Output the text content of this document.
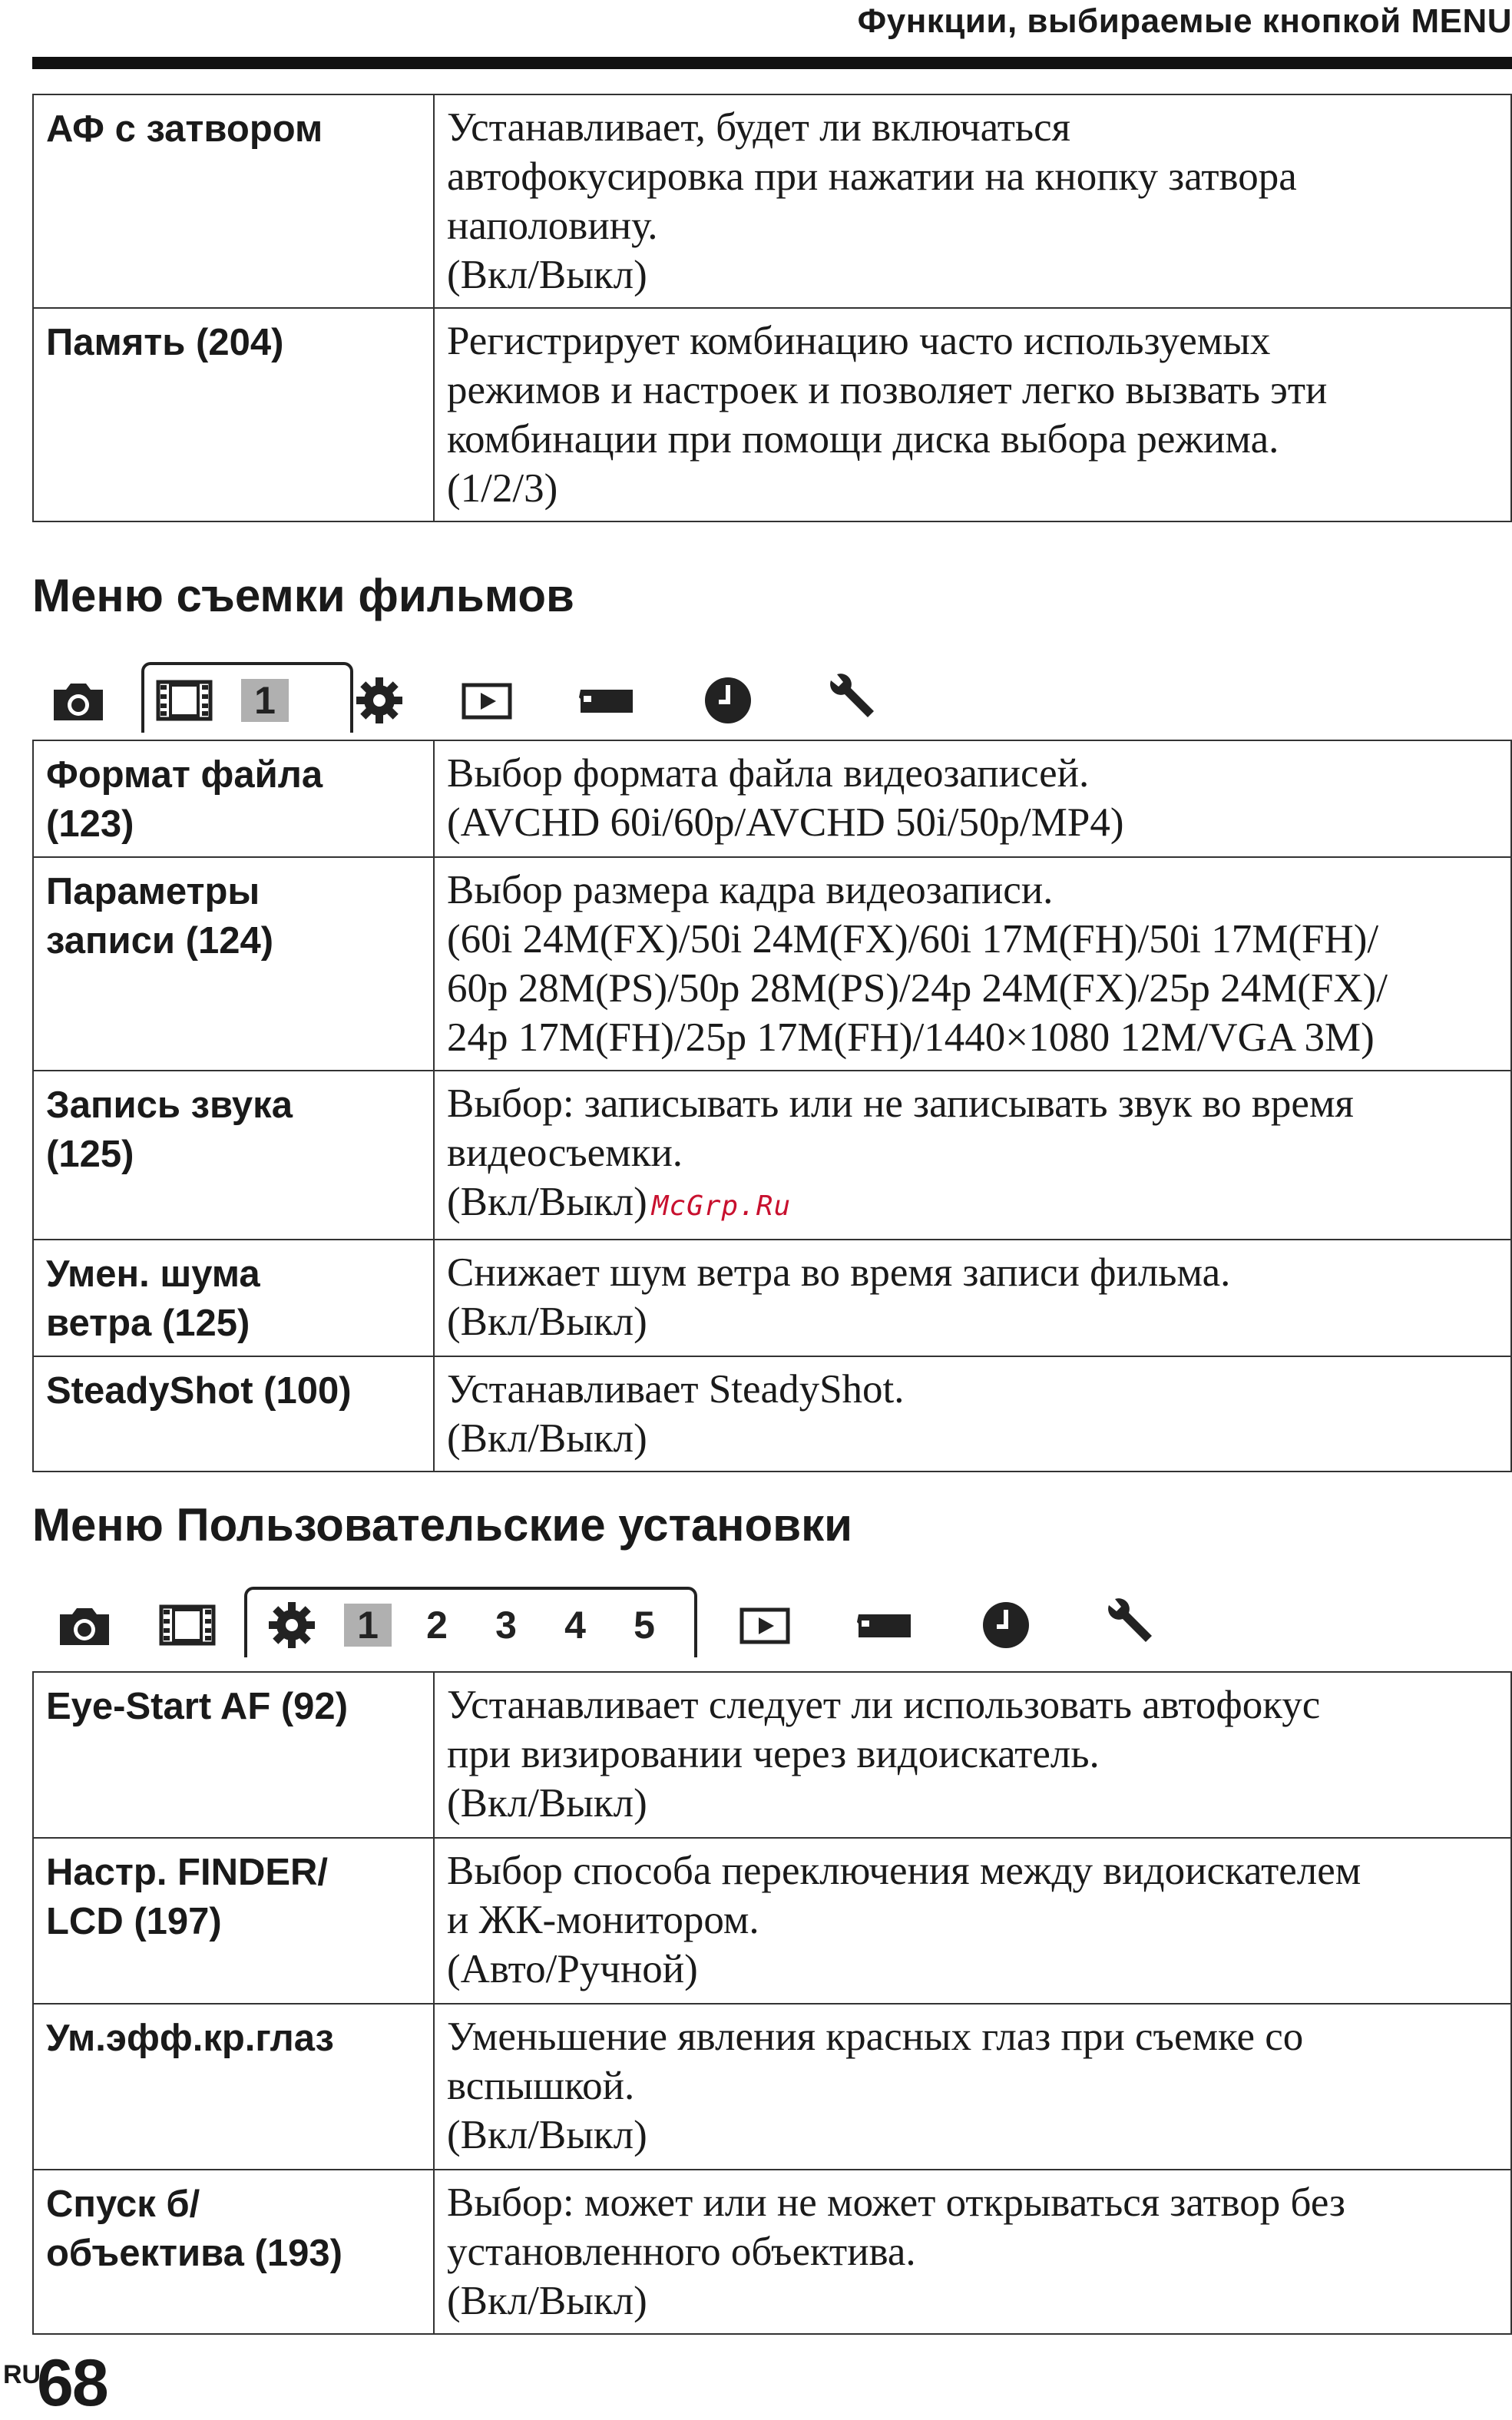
Функции, выбираемые кнопкой MENU
АФ с затвором	Устанавливает, будет ли включаться
автофокусировка при нажатии на кнопку затвора
наполовину.
(Вкл/Выкл)

Память (204)	Регистрирует комбинацию часто используемых
режимов и настроек и позволяет легко вызвать эти
комбинации при помощи диска выбора режима.
(1/2/3)
Меню съемки фильмов
1
Формат файла
(123)	Выбор формата файла видеозаписей.
(AVCHD 60i/60p/AVCHD 50i/50p/MP4)

Параметры
записи (124)	Выбор размера кадра видеозаписи.
(60i 24M(FX)/50i 24M(FX)/60i 17M(FH)/50i 17M(FH)/
60p 28M(PS)/50p 28M(PS)/24p 24M(FX)/25p 24M(FX)/
24p 17M(FH)/25p 17M(FH)/1440×1080 12M/VGA 3M)

Запись звука
(125)	Выбор: записывать или не записывать звук во время
видеосъемки.
(Вкл/Выкл) McGrp.Ru

Умен. шума
ветра (125)	Снижает шум ветра во время записи фильма.
(Вкл/Выкл)

SteadyShot (100)	Устанавливает SteadyShot.
(Вкл/Выкл)
Меню Пользовательские установки
1	2	3	4	5
Eye-Start AF (92)	Устанавливает следует ли использовать автофокус
при визировании через видоискатель.
(Вкл/Выкл)

Настр. FINDER/
LCD (197)	Выбор способа переключения между видоискателем
и ЖК-монитором.
(Авто/Ручной)

Ум.эфф.кр.глаз	Уменьшение явления красных глаз при съемке со
вспышкой.
(Вкл/Выкл)

Спуск б/
объектива (193)	Выбор: может или не может открываться затвор без
установленного объектива.
(Вкл/Выкл)
RU
68
